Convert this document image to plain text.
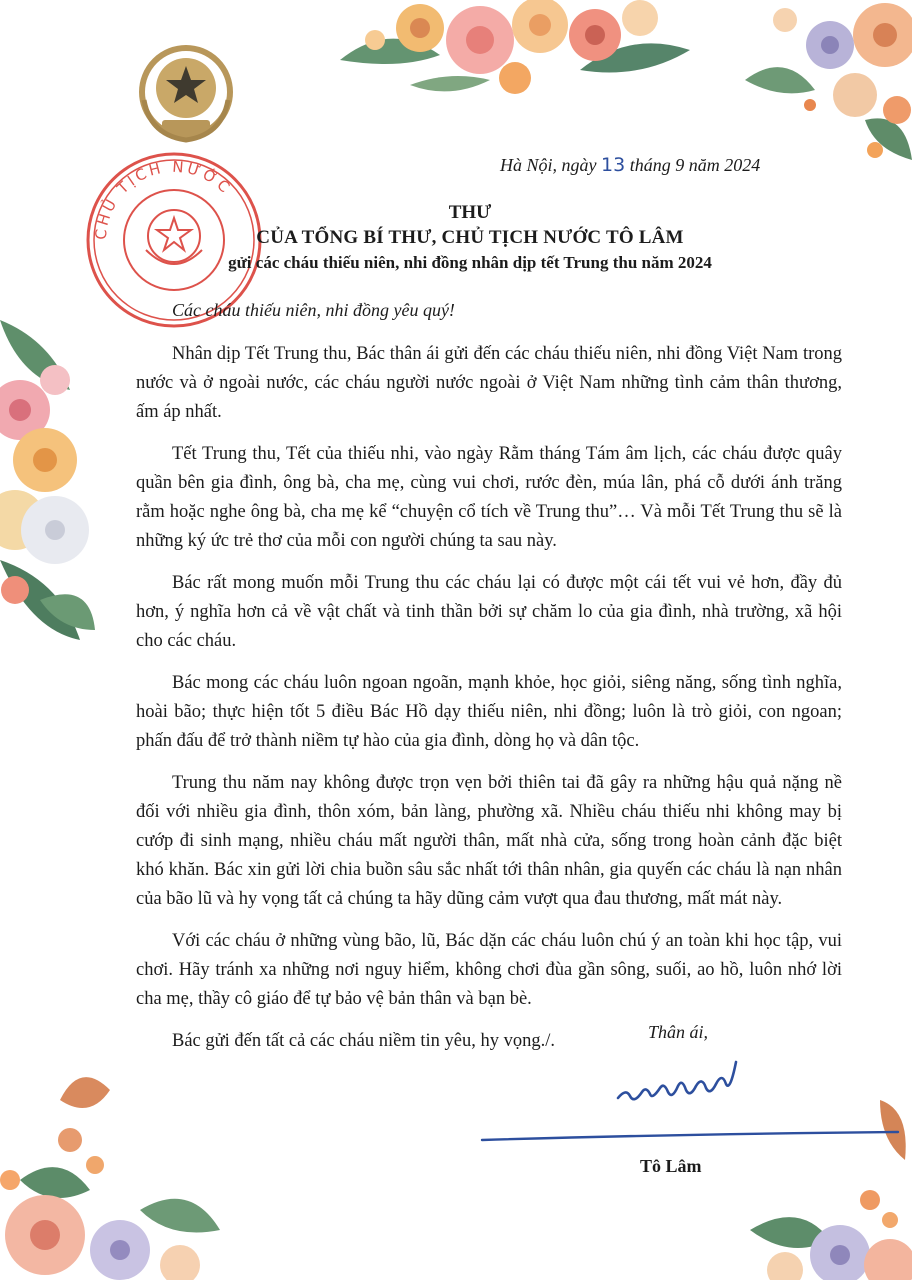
CHỦ TỊCH NƯỚC
Hà Nội, ngày 13 tháng 9 năm 2024
THƯ
CỦA TỔNG BÍ THƯ, CHỦ TỊCH NƯỚC TÔ LÂM
gửi các cháu thiếu niên, nhi đồng nhân dịp tết Trung thu năm 2024
Các cháu thiếu niên, nhi đồng yêu quý!

Nhân dịp Tết Trung thu, Bác thân ái gửi đến các cháu thiếu niên, nhi đồng Việt Nam trong nước và ở ngoài nước, các cháu người nước ngoài ở Việt Nam những tình cảm thân thương, ấm áp nhất.

Tết Trung thu, Tết của thiếu nhi, vào ngày Rằm tháng Tám âm lịch, các cháu được quây quần bên gia đình, ông bà, cha mẹ, cùng vui chơi, rước đèn, múa lân, phá cỗ dưới ánh trăng rằm hoặc nghe ông bà, cha mẹ kể “chuyện cổ tích về Trung thu”… Và mỗi Tết Trung thu sẽ là những ký ức trẻ thơ của mỗi con người chúng ta sau này.

Bác rất mong muốn mỗi Trung thu các cháu lại có được một cái tết vui vẻ hơn, đầy đủ hơn, ý nghĩa hơn cả về vật chất và tinh thần bởi sự chăm lo của gia đình, nhà trường, xã hội cho các cháu.

Bác mong các cháu luôn ngoan ngoãn, mạnh khỏe, học giỏi, siêng năng, sống tình nghĩa, hoài bão; thực hiện tốt 5 điều Bác Hồ dạy thiếu niên, nhi đồng; luôn là trò giỏi, con ngoan; phấn đấu để trở thành niềm tự hào của gia đình, dòng họ và dân tộc.

Trung thu năm nay không được trọn vẹn bởi thiên tai đã gây ra những hậu quả nặng nề đối với nhiều gia đình, thôn xóm, bản làng, phường xã. Nhiều cháu thiếu nhi không may bị cướp đi sinh mạng, nhiều cháu mất người thân, mất nhà cửa, sống trong hoàn cảnh đặc biệt khó khăn. Bác xin gửi lời chia buồn sâu sắc nhất tới thân nhân, gia quyến các cháu là nạn nhân của bão lũ và hy vọng tất cả chúng ta hãy dũng cảm vượt qua đau thương, mất mát này.

Với các cháu ở những vùng bão, lũ, Bác dặn các cháu luôn chú ý an toàn khi học tập, vui chơi. Hãy tránh xa những nơi nguy hiểm, không chơi đùa gần sông, suối, ao hồ, luôn nhớ lời cha mẹ, thầy cô giáo để tự bảo vệ bản thân và bạn bè.

Bác gửi đến tất cả các cháu niềm tin yêu, hy vọng./.	Thân ái,
Tô Lâm
